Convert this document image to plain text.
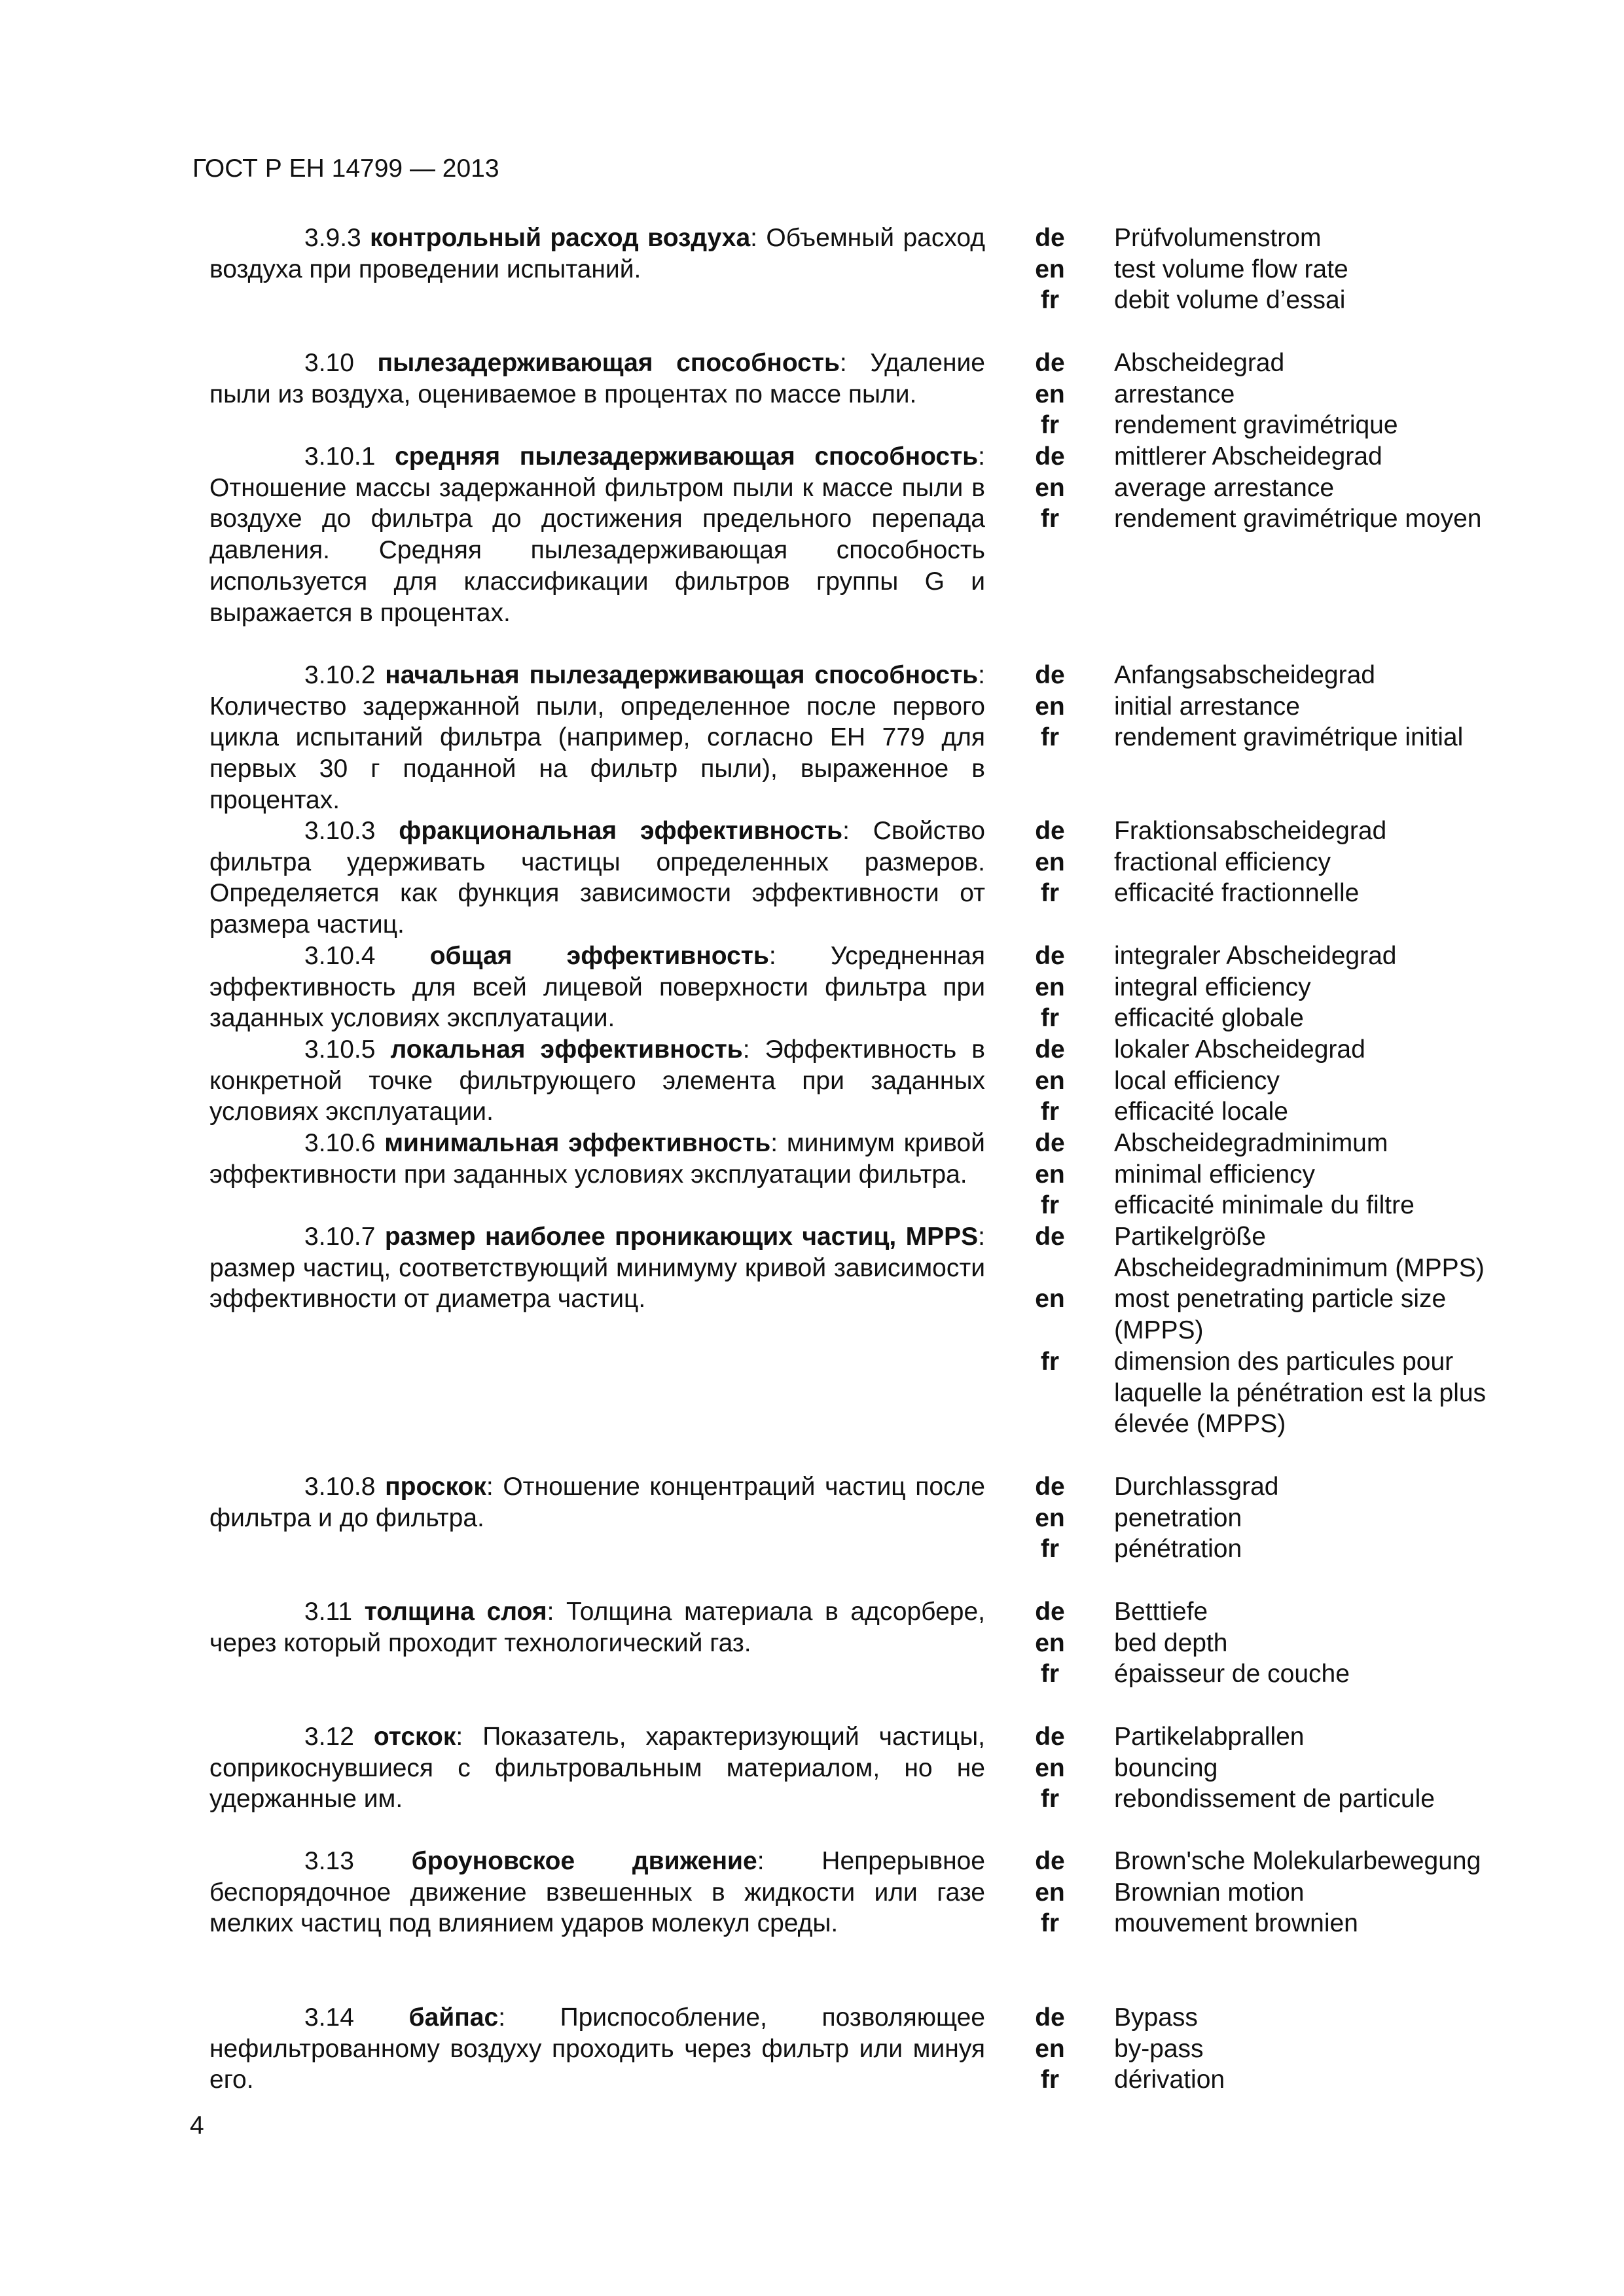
ГОСТ Р ЕН 14799 — 2013
3.9.3 контрольный расход воздуха: Объемный расход воздуха при проведении испытаний.
de	Prüfvolumenstrom
en	test volume flow rate
fr	debit volume d’essai
3.10 пылезадерживающая способность: Удаление пыли из воздуха, оцениваемое в процентах по массе пыли.
de	Abscheidegrad
en	arrestance
fr	rendement gravimétrique
3.10.1 средняя пылезадерживающая способность: Отношение массы задержанной фильтром пыли к массе пыли в воздухе до фильтра до достижения предельного перепада давления. Средняя пылезадерживающая способность используется для классификации фильтров группы G и выражается в процентах.
de	mittlerer Abscheidegrad
en	average arrestance
fr	rendement gravimétrique moyen
3.10.2 начальная пылезадерживающая способность: Количество задержанной пыли, определенное после первого цикла испытаний фильтра (например, согласно ЕН 779 для первых 30 г поданной на фильтр пыли), выраженное в процентах.
de	Anfangsabscheidegrad
en	initial arrestance
fr	rendement gravimétrique initial
3.10.3 фракциональная эффективность: Свойство фильтра удерживать частицы определенных размеров. Определяется как функция зависимости эффективности от размера частиц.
de	Fraktionsabscheidegrad
en	fractional efficiency
fr	efficacité fractionnelle
3.10.4 общая эффективность: Усредненная эффективность для всей лицевой поверхности фильтра при заданных условиях эксплуатации.
de	integraler Abscheidegrad
en	integral efficiency
fr	efficacité globale
3.10.5 локальная эффективность: Эффективность в конкретной точке фильтрующего элемента при заданных условиях эксплуатации.
de	lokaler Abscheidegrad
en	local efficiency
fr	efficacité locale
3.10.6 минимальная эффективность: минимум кривой эффективности при заданных условиях эксплуатации фильтра.
de	Abscheidegradminimum
en	minimal efficiency
fr	efficacité minimale du filtre
3.10.7 размер наиболее проникающих частиц, MPPS: размер частиц, соответствующий минимуму кривой зависимости эффективности от диаметра частиц.
de	Partikelgröße Abscheidegradminimum (MPPS)
en	most penetrating particle size (MPPS)
fr	dimension des particules pour laquelle la pénétration est la plus élevée (MPPS)
3.10.8 проскок: Отношение концентраций частиц после фильтра и до фильтра.
de	Durchlassgrad
en	penetration
fr	pénétration
3.11 толщина слоя: Толщина материала в адсорбере, через который проходит технологический газ.
de	Betttiefe
en	bed depth
fr	épaisseur de couche
3.12 отскок: Показатель, характеризующий частицы, соприкоснувшиеся с фильтровальным материалом, но не удержанные им.
de	Partikelabprallen
en	bouncing
fr	rebondissement de particule
3.13 броуновское движение: Непрерывное беспорядочное движение взвешенных в жидкости или газе мелких частиц под влиянием ударов молекул среды.
de	Brown'sche Molekularbewegung
en	Brownian motion
fr	mouvement brownien
3.14 байпас: Приспособление, позволяющее нефильтрованному воздуху проходить через фильтр или минуя его.
de	Bypass
en	by-pass
fr	dérivation
4
